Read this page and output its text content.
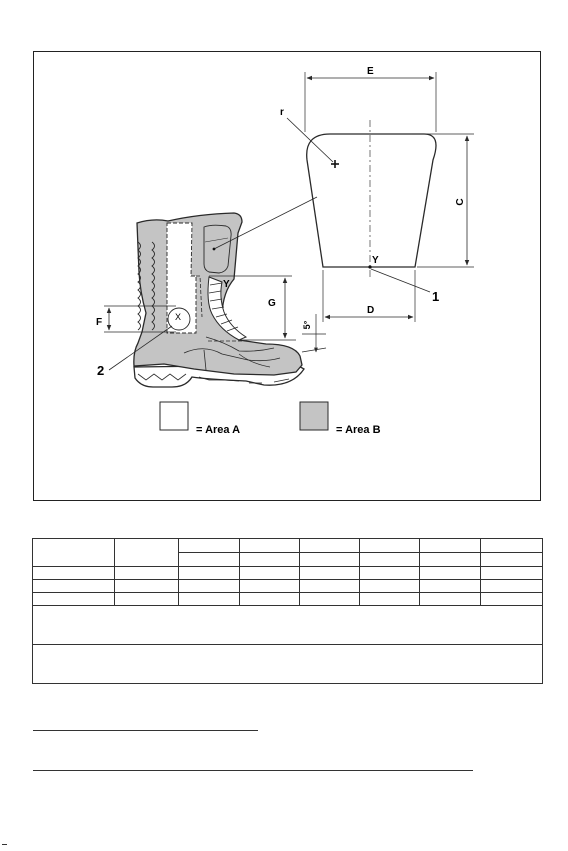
r
E
C
D
Y
1
X
Y
G
5°
F
2
= Area A	= Area B
